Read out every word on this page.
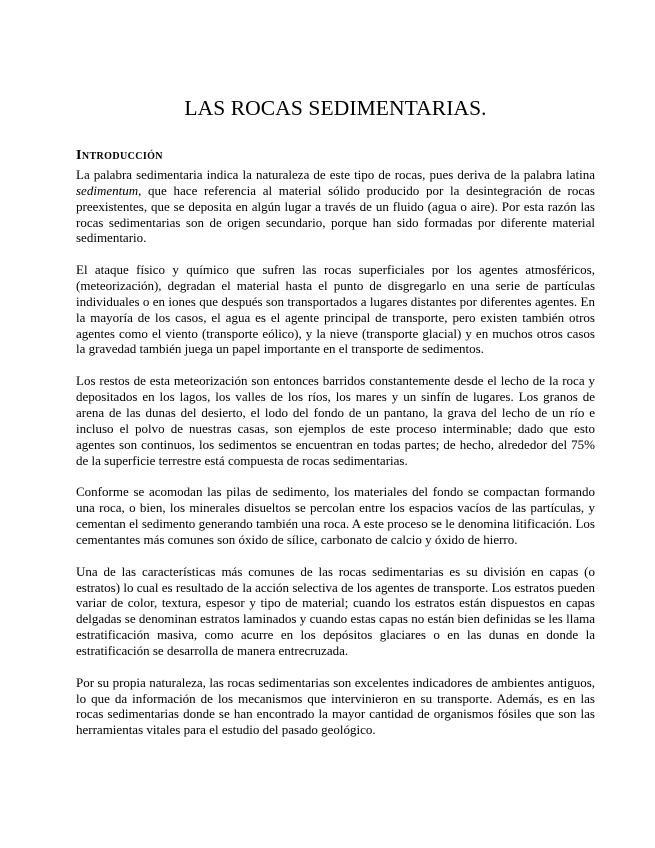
LAS ROCAS SEDIMENTARIAS.
Introducción

La palabra sedimentaria indica la naturaleza de este tipo de rocas, pues deriva de la palabra latina sedimentum, que hace referencia al material sólido producido por la desintegración de rocas preexistentes, que se deposita en algún lugar a través de un fluido (agua o aire). Por esta razón las rocas sedimentarias son de origen secundario, porque han sido formadas por diferente material sedimentario.

El ataque físico y químico que sufren las rocas superficiales por los agentes atmosféricos, (meteorización), degradan el material hasta el punto de disgregarlo en una serie de partículas individuales o en iones que después son transportados a lugares distantes por diferentes agentes. En la mayoría de los casos, el agua es el agente principal de transporte, pero existen también otros agentes como el viento (transporte eólico), y la nieve (transporte glacial) y en muchos otros casos la gravedad también juega un papel importante en el transporte de sedimentos.

Los restos de esta meteorización son entonces barridos constantemente desde el lecho de la roca y depositados en los lagos, los valles de los ríos, los mares y un sinfín de lugares. Los granos de arena de las dunas del desierto, el lodo del fondo de un pantano, la grava del lecho de un río e incluso el polvo de nuestras casas, son ejemplos de este proceso interminable; dado que esto agentes son continuos, los sedimentos se encuentran en todas partes; de hecho, alrededor del 75% de la superficie terrestre está compuesta de rocas sedimentarias.

Conforme se acomodan las pilas de sedimento, los materiales del fondo se compactan formando una roca, o bien, los minerales disueltos se percolan entre los espacios vacíos de las partículas, y cementan el sedimento generando también una roca. A este proceso se le denomina litificación. Los cementantes más comunes son óxido de sílice, carbonato de calcio y óxido de hierro.

Una de las características más comunes de las rocas sedimentarias es su división en capas (o estratos) lo cual es resultado de la acción selectiva de los agentes de transporte. Los estratos pueden variar de color, textura, espesor y tipo de material; cuando los estratos están dispuestos en capas delgadas se denominan estratos laminados y cuando estas capas no están bien definidas se les llama estratificación masiva, como acurre en los depósitos glaciares o en las dunas en donde la estratificación se desarrolla de manera entrecruzada.

Por su propia naturaleza, las rocas sedimentarias son excelentes indicadores de ambientes antiguos, lo que da información de los mecanismos que intervinieron en su transporte. Además, es en las rocas sedimentarias donde se han encontrado la mayor cantidad de organismos fósiles que son las herramientas vitales para el estudio del pasado geológico.
